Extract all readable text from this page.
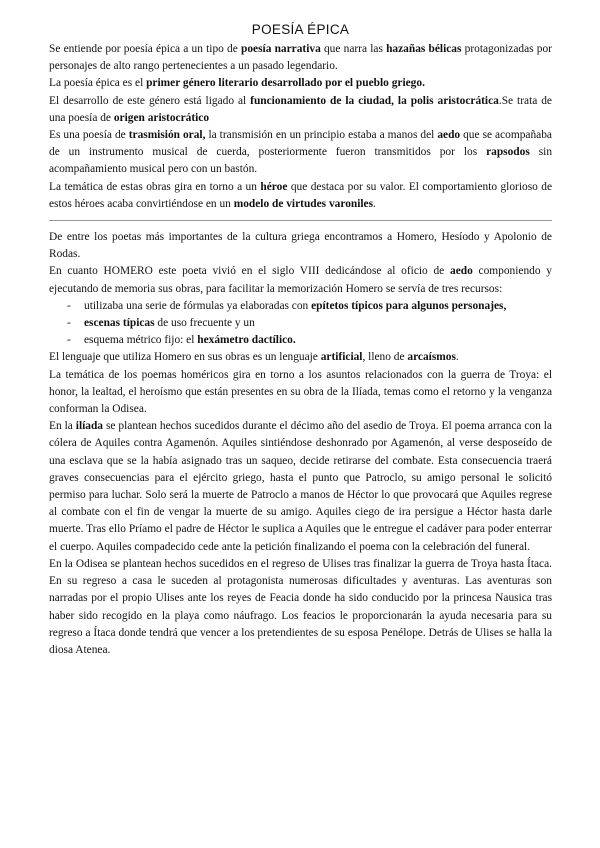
POESÍA ÉPICA

Se entiende por poesía épica a un tipo de poesía narrativa que narra las hazañas bélicas protagonizadas por personajes de alto rango pertenecientes a un pasado legendario.

La poesía épica es el primer género literario desarrollado por el pueblo griego.

El desarrollo de este género está ligado al funcionamiento de la ciudad, la polis aristocrática.Se trata de una poesía de origen aristocrático

Es una poesía de trasmisión oral, la transmisión en un principio estaba a manos del aedo que se acompañaba de un instrumento musical de cuerda, posteriormente fueron transmitidos por los rapsodos sin acompañamiento musical pero con un bastón.

La temática de estas obras gira en torno a un héroe que destaca por su valor. El comportamiento glorioso de estos héroes acaba convirtiéndose en un modelo de virtudes varoniles.

De entre los poetas más importantes de la cultura griega encontramos a Homero, Hesíodo y Apolonio de Rodas.

En cuanto HOMERO este poeta vivió en el siglo VIII dedicándose al oficio de aedo componiendo y ejecutando de memoria sus obras, para facilitar la memorización Homero se servía de tres recursos:

- utilizaba una serie de fórmulas ya elaboradas con epítetos típicos para algunos personajes,
- escenas típicas de uso frecuente y un
- esquema métrico fijo: el hexámetro dactílico.

El lenguaje que utiliza Homero en sus obras es un lenguaje artificial, lleno de arcaísmos.

La temática de los poemas homéricos gira en torno a los asuntos relacionados con la guerra de Troya: el honor, la lealtad, el heroísmo que están presentes en su obra de la Ilíada, temas como el retorno y la venganza conforman la Odisea.

En la ilíada se plantean hechos sucedidos durante el décimo año del asedio de Troya. El poema arranca con la cólera de Aquiles contra Agamenón. Aquiles sintiéndose deshonrado por Agamenón, al verse desposeído de una esclava que se la había asignado tras un saqueo, decide retirarse del combate. Esta consecuencia traerá graves consecuencias para el ejército griego, hasta el punto que Patroclo, su amigo personal le solicitó permiso para luchar. Solo será la muerte de Patroclo a manos de Héctor lo que provocará que Aquiles regrese al combate con el fin de vengar la muerte de su amigo. Aquiles ciego de ira persigue a Héctor hasta darle muerte. Tras ello Príamo el padre de Héctor le suplica a Aquiles que le entregue el cadáver para poder enterrar el cuerpo. Aquiles compadecido cede ante la petición finalizando el poema con la celebración del funeral.

En la Odisea se plantean hechos sucedidos en el regreso de Ulises tras finalizar la guerra de Troya hasta Ítaca. En su regreso a casa le suceden al protagonista numerosas dificultades y aventuras. Las aventuras son narradas por el propio Ulises ante los reyes de Feacia donde ha sido conducido por la princesa Nausica tras haber sido recogido en la playa como náufrago. Los feacios le proporcionarán la ayuda necesaria para su regreso a Ítaca donde tendrá que vencer a los pretendientes de su esposa Penélope. Detrás de Ulises se halla la diosa Atenea.
